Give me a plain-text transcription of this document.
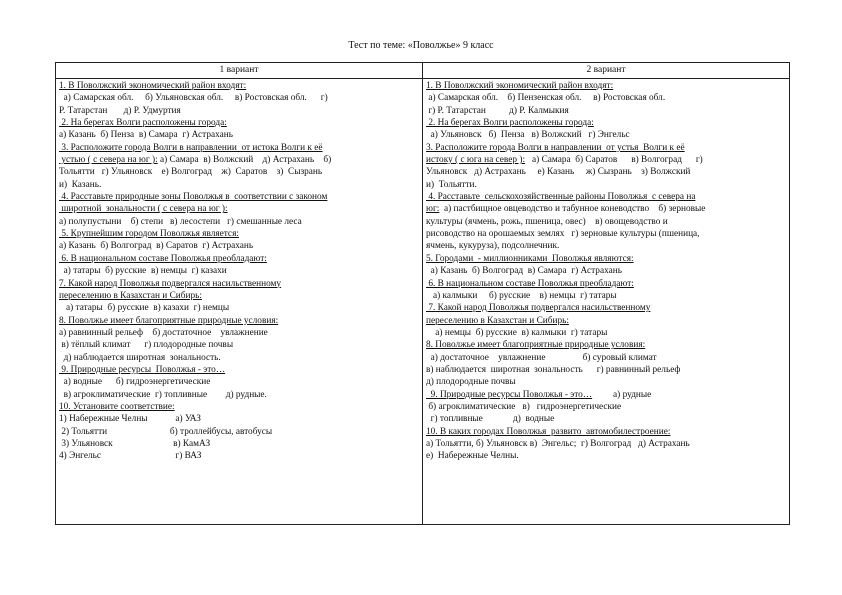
Тест по теме: «Поволжье» 9 класс
1 вариант	2 вариант
1. В Поволжский экономический район входят:
а) Самарская обл.     б) Ульяновская обл.     в) Ростовская обл.      г)
Р. Татарстан       д) Р. Удмуртия
2. На берегах Волги расположены города:
а) Казань  б) Пенза  в) Самара  г) Астрахань
3. Расположите города Волги в направлении  от истока Волги к её
устью ( с севера на юг ): а) Самара  в) Волжский    д) Астрахань    б)
Тольятти   г) Ульяновск    е) Волгоград    ж)  Саратов    з)  Сызрань
и)  Казань.
4. Расставьте природные зоны Поволжья в  соответствии с законом
широтной  зональности ( с севера на юг ):
а) полупустыни    б) степи   в) лесостепи   г) смешанные леса
5. Крупнейшим городом Поволжья является:
а) Казань  б) Волгоград  в) Саратов  г) Астрахань
6. В национальном составе Поволжья преобладают:
а) татары  б) русские  в) немцы  г) казахи
7. Какой народ Поволжья подвергался насильственному
переселению в Казахстан и Сибирь:
а) татары  б) русские  в) казахи  г) немцы
8. Поволжье имеет благоприятные природные условия:
а) равнинный рельеф    б) достаточное    увлажнение
в) тёплый климат      г) плодородные почвы
д) наблюдается широтная  зональность.
9. Природные ресурсы  Поволжья - это…
а) водные      б) гидроэнергетические
в) агроклиматические  г) топливные        д) рудные.
10. Установите соответствие:
1) Набережные Челны            а) УАЗ
2) Тольятти                           б) троллейбусы, автобусы
3) Ульяновск                          в) КамАЗ
4) Энгельс                                г) ВАЗ
1. В Поволжский экономический район входят:
а) Самарская обл.    б) Пензенская обл.     в) Ростовская обл.
г) Р. Татарстан          д) Р. Калмыкия
2. На берегах Волги расположены города:
а) Ульяновск   б)  Пенза   в) Волжский   г) Энгельс
3. Расположите города Волги в направлении  от устья  Волги к её
истоку ( с юга на север ):   а) Самара  б) Саратов      в) Волгоград      г)
Ульяновск   д) Астрахань     е) Казань     ж) Сызрань    з) Волжский
и)  Тольятти.
4. Расставьте  сельскохозяйственные районы Поволжья  с севера на
юг:  а) пастбищное овцеводство и табунное коневодство    б) зерновые
культуры (ячмень, рожь, пшеница, овес)    в) овощеводство и
рисоводство на орошаемых землях   г) зерновые культуры (пшеница,
ячмень, кукуруза), подсолнечник.
5. Городами  - миллионниками  Поволжья являются:
а) Казань  б) Волгоград  в) Самара  г) Астрахань
6. В национальном составе Поволжья преобладают:
а) калмыки     б) русские    в) немцы  г) татары
7. Какой народ Поволжья подвергался насильственному
переселению в Казахстан и Сибирь:
а) немцы  б) русские  в) калмыки  г) татары
8. Поволжье имеет благоприятные природные условия:
а) достаточное    увлажнение                б) суровый климат
в) наблюдается  широтная  зональность      г) равнинный рельеф
д) плодородные почвы
9. Природные ресурсы Поволжья - это…         а) рудные
б) агроклиматические   в)   гидроэнергетические
г) топливные             д)  водные
10. В каких городах Поволжья  развито  автомобилестроение:
а) Тольятти, б) Ульяновск в)  Энгельс;  г) Волгоград   д) Астрахань
е)  Набережные Челны.
